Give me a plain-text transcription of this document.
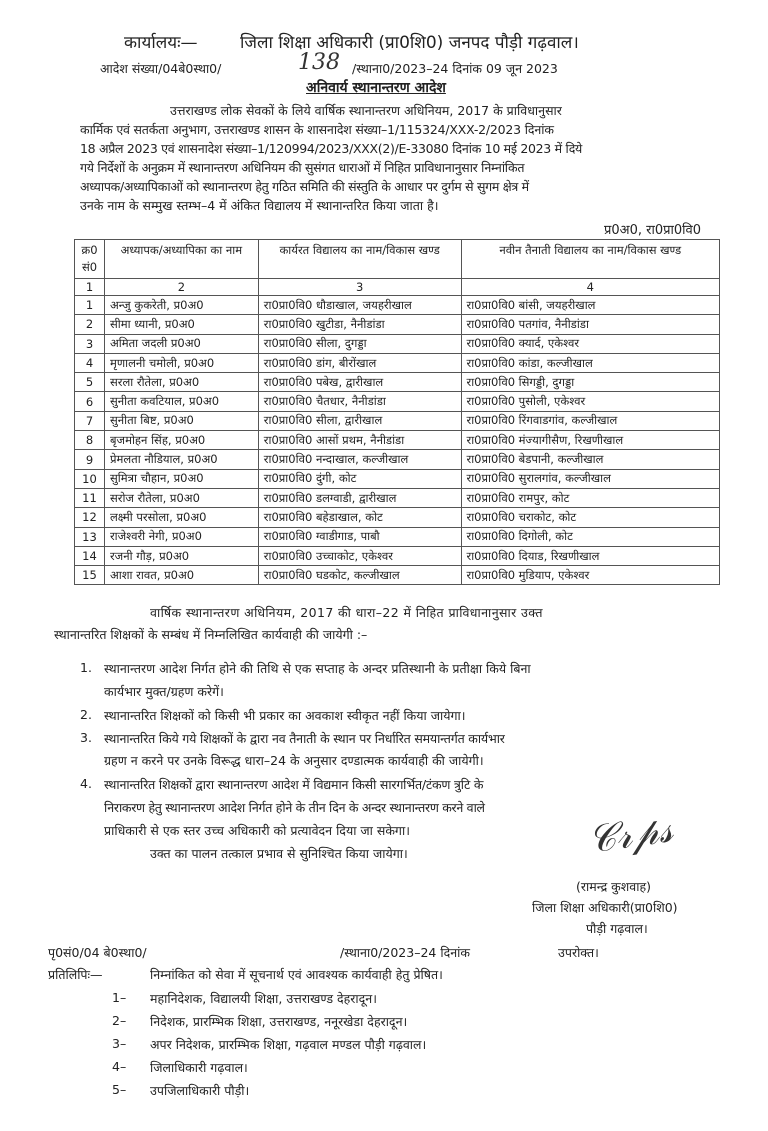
कार्यालयः— जिला शिक्षा अधिकारी (प्रा0शि0) जनपद पौड़ी गढ़वाल।
आदेश संख्या/04बे0स्था0/	138 /स्थाना0/2023–24 दिनांक 09 जून 2023
अनिवार्य स्थानान्तरण आदेश
उत्तराखण्ड लोक सेवकों के लिये वार्षिक स्थानान्तरण अधिनियम, 2017 के प्राविधानुसार
कार्मिक एवं सतर्कता अनुभाग, उत्तराखण्ड शासन के शासनादेश संख्या–1/115324/XXX-2/2023 दिनांक
18 अप्रैल 2023 एवं शासनादेश संख्या–1/120994/2023/XXX(2)/E-33080 दिनांक 10 मई 2023 में दिये
गये निर्देशों के अनुक्रम में स्थानान्तरण अधिनियम की सुसंगत धाराओं में निहित प्राविधानानुसार निम्नांकित
अध्यापक/अध्यापिकाओं को स्थानान्तरण हेतु गठित समिति की संस्तुति के आधार पर दुर्गम से सुगम क्षेत्र में
उनके नाम के सम्मुख स्तम्भ–4 में अंकित विद्यालय में स्थानान्तरित किया जाता है।
प्र0अ0, रा0प्रा0वि0
क्र0 सं0	अध्यापक/अध्यापिका का नाम	कार्यरत विद्यालय का नाम/विकास खण्ड	नवीन तैनाती विद्यालय का नाम/विकास खण्ड
1	2	3	4
1	अन्जु कुकरेती, प्र0अ0	रा0प्रा0वि0 धौडाखाल, जयहरीखाल	रा0प्रा0वि0 बांसी, जयहरीखाल
2	सीमा ध्यानी, प्र0अ0	रा0प्रा0वि0 खुटीडा, नैनीडांडा	रा0प्रा0वि0 पतगांव, नैनीडांडा
3	अमिता जदली प्र0अ0	रा0प्रा0वि0 सीला, दुगड्डा	रा0प्रा0वि0 क्यार्द, एकेश्वर
4	मृणालनी चमोली, प्र0अ0	रा0प्रा0वि0 डांग, बीरोंखाल	रा0प्रा0वि0 कांडा, कल्जीखाल
5	सरला रौतेला, प्र0अ0	रा0प्रा0वि0 पबेख, द्वारीखाल	रा0प्रा0वि0 सिगड्डी, दुगड्डा
6	सुनीता कवटियाल, प्र0अ0	रा0प्रा0वि0 चैतधार, नैनीडांडा	रा0प्रा0वि0 पुसोली, एकेश्वर
7	सुनीता बिष्ट, प्र0अ0	रा0प्रा0वि0 सीला, द्वारीखाल	रा0प्रा0वि0 रिंगवाडगांव, कल्जीखाल
8	बृजमोहन सिंह, प्र0अ0	रा0प्रा0वि0 आसों प्रथम, नैनीडांडा	रा0प्रा0वि0 मंज्यागीसैण, रिखणीखाल
9	प्रेमलता नौडियाल, प्र0अ0	रा0प्रा0वि0 नन्दाखाल, कल्जीखाल	रा0प्रा0वि0 बेडपानी, कल्जीखाल
10	सुमित्रा चौहान, प्र0अ0	रा0प्रा0वि0 दुंगी, कोट	रा0प्रा0वि0 सुरालगांव, कल्जीखाल
11	सरोज रौतेला, प्र0अ0	रा0प्रा0वि0 डलग्वाडी, द्वारीखाल	रा0प्रा0वि0 रामपुर, कोट
12	लक्ष्मी परसोला, प्र0अ0	रा0प्रा0वि0 बहेडाखाल, कोट	रा0प्रा0वि0 चराकोट, कोट
13	राजेश्वरी नेगी, प्र0अ0	रा0प्रा0वि0 ग्वाडीगाड, पाबौ	रा0प्रा0वि0 दिगोली, कोट
14	रजनी गौड़, प्र0अ0	रा0प्रा0वि0 उच्चाकोट, एकेश्वर	रा0प्रा0वि0 दियाड, रिखणीखाल
15	आशा रावत, प्र0अ0	रा0प्रा0वि0 घडकोट, कल्जीखाल	रा0प्रा0वि0 मुडियाप, एकेश्वर
वार्षिक स्थानान्तरण अधिनियम, 2017 की धारा–22 में निहित प्राविधानानुसार उक्त
स्थानान्तरित शिक्षकों के सम्बंध में निम्नलिखित कार्यवाही की जायेगी :–
1. स्थानान्तरण आदेश निर्गत होने की तिथि से एक सप्ताह के अन्दर प्रतिस्थानी के प्रतीक्षा किये बिना
कार्यभार मुक्त/ग्रहण करेगें।
2. स्थानान्तरित शिक्षकों को किसी भी प्रकार का अवकाश स्वीकृत नहीं किया जायेगा।
3. स्थानान्तरित किये गये शिक्षकों के द्वारा नव तैनाती के स्थान पर निर्धारित समयान्तर्गत कार्यभार
ग्रहण न करने पर उनके विरूद्ध धारा–24 के अनुसार दण्डात्मक कार्यवाही की जायेगी।
4. स्थानान्तरित शिक्षकों द्वारा स्थानान्तरण आदेश में विद्यमान किसी सारगर्भित/टंकण त्रुटि के
निराकरण हेतु स्थानान्तरण आदेश निर्गत होने के तीन दिन के अन्दर स्थानान्तरण करने वाले
प्राधिकारी से एक स्तर उच्च अधिकारी को प्रत्यावेदन दिया जा सकेगा।
उक्त का पालन तत्काल प्रभाव से सुनिश्चित किया जायेगा।	𝒞𝓇𝓅𝓈
(रामन्द्र कुशवाह)
जिला शिक्षा अधिकारी(प्रा0शि0)
पौड़ी गढ़वाल।
पृ0सं0/04 बे0स्था0/	/स्थाना0/2023–24 दिनांक	उपरोक्त।
प्रतिलिपिः—	निम्नांकित को सेवा में सूचनार्थ एवं आवश्यक कार्यवाही हेतु प्रेषित।
1– महानिदेशक, विद्यालयी शिक्षा, उत्तराखण्ड देहरादून।
2– निदेशक, प्रारम्भिक शिक्षा, उत्तराखण्ड, ननूरखेडा देहरादून।
3– अपर निदेशक, प्रारम्भिक शिक्षा, गढ़वाल मण्डल पौड़ी गढ़वाल।
4– जिलाधिकारी गढ़वाल।
5– उपजिलाधिकारी पौड़ी।
